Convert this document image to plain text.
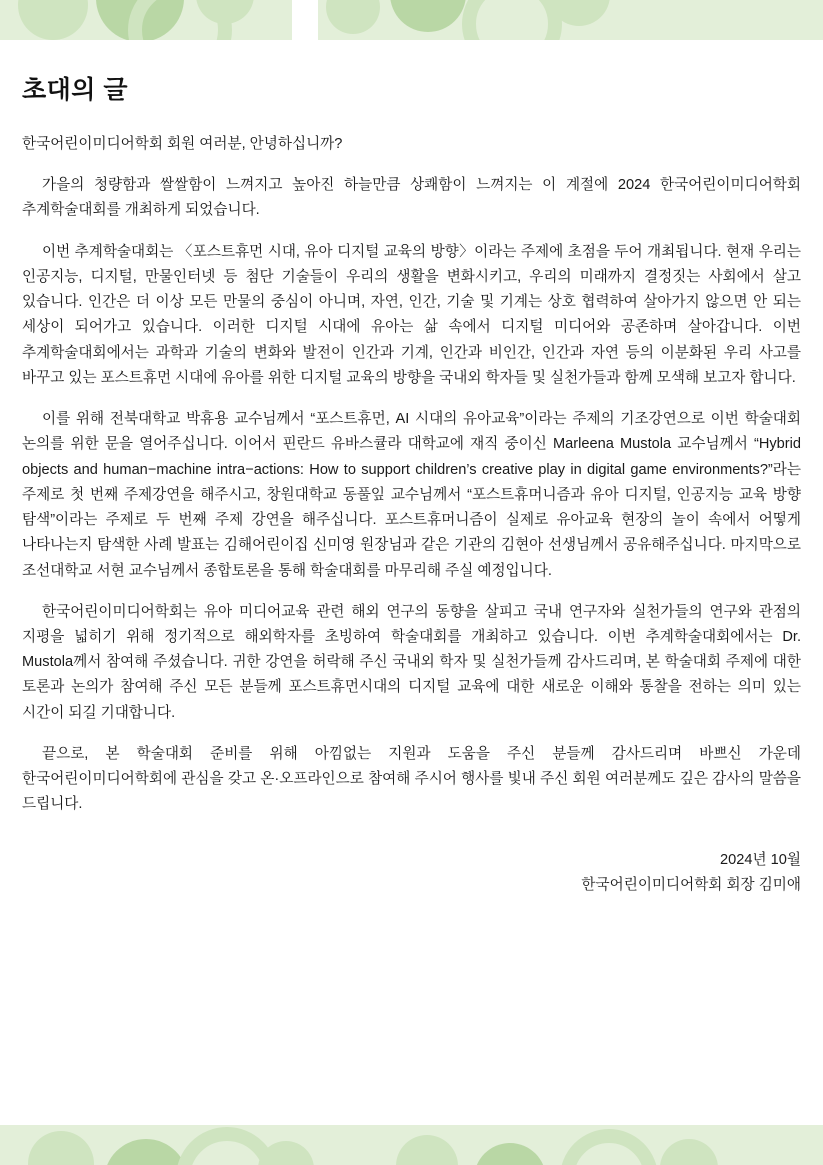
초대의 글

한국어린이미디어학회 회원 여러분, 안녕하십니까?

가을의 청량함과 쌀쌀함이 느껴지고 높아진 하늘만큼 상쾌함이 느껴지는 이 계절에 2024 한국어린이미디어학회 추계학술대회를 개최하게 되었습니다.

이번 추계학술대회는 〈포스트휴먼 시대, 유아 디지털 교육의 방향〉이라는 주제에 초점을 두어 개최됩니다. 현재 우리는 인공지능, 디지털, 만물인터넷 등 첨단 기술들이 우리의 생활을 변화시키고, 우리의 미래까지 결정짓는 사회에서 살고 있습니다. 인간은 더 이상 모든 만물의 중심이 아니며, 자연, 인간, 기술 및 기계는 상호 협력하여 살아가지 않으면 안 되는 세상이 되어가고 있습니다. 이러한 디지털 시대에 유아는 삶 속에서 디지털 미디어와 공존하며 살아갑니다. 이번 추계학술대회에서는 과학과 기술의 변화와 발전이 인간과 기계, 인간과 비인간, 인간과 자연 등의 이분화된 우리 사고를 바꾸고 있는 포스트휴먼 시대에 유아를 위한 디지털 교육의 방향을 국내외 학자들 및 실천가들과 함께 모색해 보고자 합니다.

이를 위해 전북대학교 박휴용 교수님께서 “포스트휴먼, AI 시대의 유아교육”이라는 주제의 기조강연으로 이번 학술대회 논의를 위한 문을 열어주십니다. 이어서 핀란드 유바스큘라 대학교에 재직 중이신 Marleena Mustola 교수님께서 “Hybrid objects and human−machine intra−actions: How to support children’s creative play in digital game environments?”라는 주제로 첫 번째 주제강연을 해주시고, 창원대학교 동풀잎 교수님께서 “포스트휴머니즘과 유아 디지털, 인공지능 교육 방향 탐색”이라는 주제로 두 번째 주제 강연을 해주십니다. 포스트휴머니즘이 실제로 유아교육 현장의 놀이 속에서 어떻게 나타나는지 탐색한 사례 발표는 김해어린이집 신미영 원장님과 같은 기관의 김현아 선생님께서 공유해주십니다. 마지막으로 조선대학교 서현 교수님께서 종합토론을 통해 학술대회를 마무리해 주실 예정입니다.

한국어린이미디어학회는 유아 미디어교육 관련 해외 연구의 동향을 살피고 국내 연구자와 실천가들의 연구와 관점의 지평을 넓히기 위해 정기적으로 해외학자를 초빙하여 학술대회를 개최하고 있습니다. 이번 추계학술대회에서는 Dr. Mustola께서 참여해 주셨습니다. 귀한 강연을 허락해 주신 국내외 학자 및 실천가들께 감사드리며, 본 학술대회 주제에 대한 토론과 논의가 참여해 주신 모든 분들께 포스트휴먼시대의 디지털 교육에 대한 새로운 이해와 통찰을 전하는 의미 있는 시간이 되길 기대합니다.

끝으로, 본 학술대회 준비를 위해 아낌없는 지원과 도움을 주신 분들께 감사드리며 바쁘신 가운데 한국어린이미디어학회에 관심을 갖고 온·오프라인으로 참여해 주시어 행사를 빛내 주신 회원 여러분께도 깊은 감사의 말씀을 드립니다.

2024년 10월
한국어린이미디어학회 회장 김미애
